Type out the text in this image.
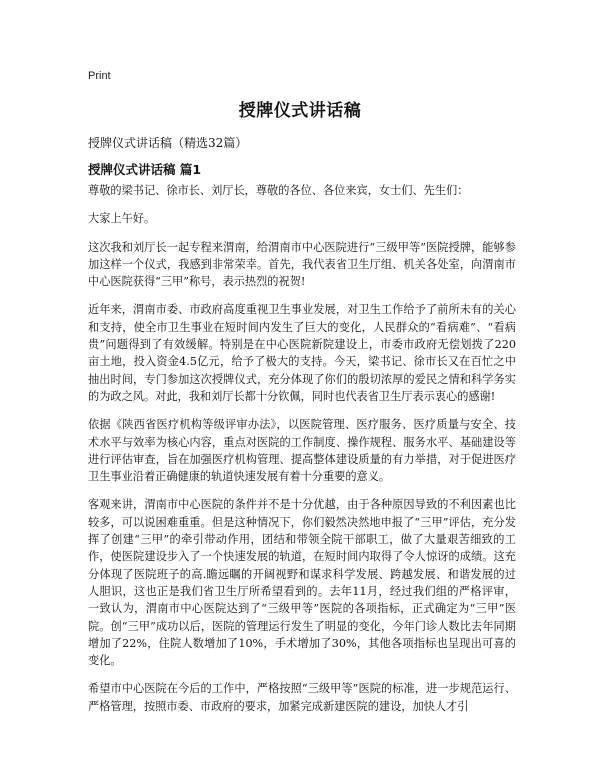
Print
授牌仪式讲话稿
授牌仪式讲话稿（精选32篇）
授牌仪式讲话稿 篇1

尊敬的梁书记、徐市长、刘厅长，尊敬的各位、各位来宾，女士们、先生们：

大家上午好。

这次我和刘厅长一起专程来渭南，给渭南市中心医院进行“三级甲等”医院授牌，能够参加这样一个仪式，我感到非常荣幸。首先，我代表省卫生厅组、机关各处室，向渭南市中心医院获得“三甲”称号，表示热烈的祝贺!

近年来，渭南市委、市政府高度重视卫生事业发展，对卫生工作给予了前所未有的关心和支持，使全市卫生事业在短时间内发生了巨大的变化，人民群众的“看病难”、“看病贵”问题得到了有效缓解。特别是在中心医院新院建设上，市委市政府无偿划拨了220亩土地，投入资金4.5亿元，给予了极大的支持。今天，梁书记、徐市长又在百忙之中抽出时间，专门参加这次授牌仪式，充分体现了你们的殷切浓厚的爱民之情和科学务实的为政之风。对此，我和刘厅长都十分钦佩，同时也代表省卫生厅表示衷心的感谢!

依据《陕西省医疗机构等级评审办法》，以医院管理、医疗服务、医疗质量与安全、技术水平与效率为核心内容，重点对医院的工作制度、操作规程、服务水平、基础建设等进行评估审查，旨在加强医疗机构管理、提高整体建设质量的有力举措，对于促进医疗卫生事业沿着正确健康的轨道快速发展有着十分重要的意义。

客观来讲，渭南市中心医院的条件并不是十分优越，由于各种原因导致的不利因素也比较多，可以说困难重重。但是这种情况下，你们毅然决然地申报了“三甲”评估，充分发挥了创建“三甲”的牵引带动作用，团结和带领全院干部职工，做了大量艰苦细致的工作，使医院建设步入了一个快速发展的轨道，在短时间内取得了令人惊讶的成绩。这充分体现了医院班子的高.瞻远瞩的开阔视野和谋求科学发展、跨越发展、和谐发展的过人胆识，这也正是我们省卫生厅所希望看到的。去年11月，经过我们组的严格评审，一致认为，渭南市中心医院达到了“三级甲等”医院的各项指标，正式确定为“三甲”医院。创“三甲”成功以后，医院的管理运行发生了明显的变化，今年门诊人数比去年同期增加了22%，住院人数增加了10%，手术增加了30%，其他各项指标也呈现出可喜的变化。

希望市中心医院在今后的工作中，严格按照“三级甲等”医院的标准，进一步规范运行、严格管理，按照市委、市政府的要求，加紧完成新建医院的建设，加快人才引
